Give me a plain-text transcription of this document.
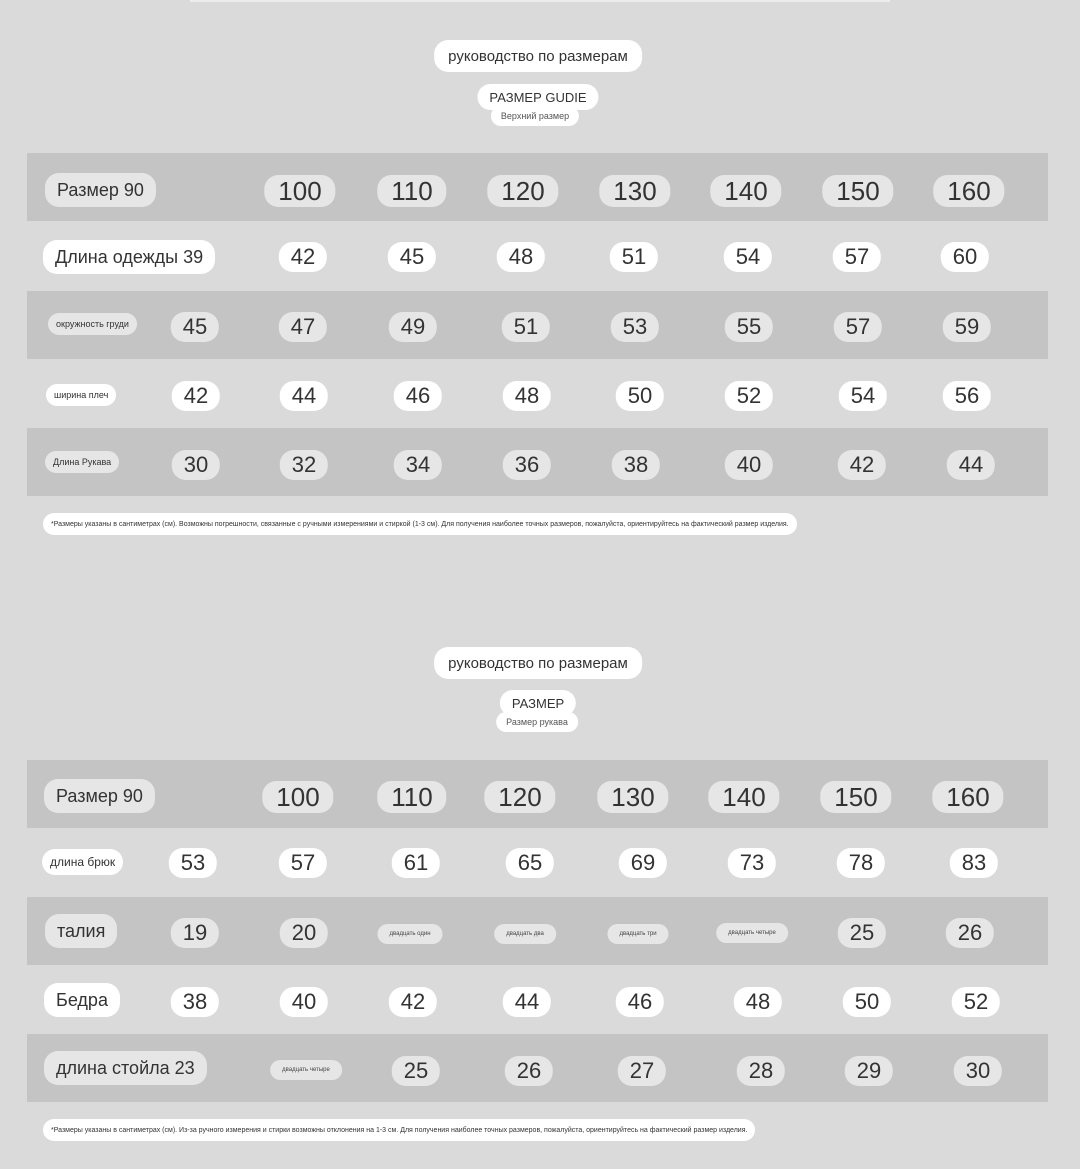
руководство по размерам
РАЗМЕР GUDIE
Верхний размер
Размер 90	100	110	120	130	140	150	160
Длина одежды 39	42	45	48	51	54	57	60
окружность груди	45	47	49	51	53	55	57	59
ширина плеч	42	44	46	48	50	52	54	56
Длина Рукава	30	32	34	36	38	40	42	44
*Размеры указаны в сантиметрах (см). Возможны погрешности, связанные с ручными измерениями и стиркой (1-3 см). Для получения наиболее точных размеров, пожалуйста, ориентируйтесь на фактический размер изделия.
руководство по размерам
РАЗМЕР
Размер рукава
Размер 90	100	110	120	130	140	150	160
длина брюк	53	57	61	65	69	73	78	83
талия	19	20	двадцать один	двадцать два	двадцать три	двадцать четыре	25	26
Бедра	38	40	42	44	46	48	50	52
длина стойла 23	двадцать четыре	25	26	27	28	29	30
*Размеры указаны в сантиметрах (см). Из-за ручного измерения и стирки возможны отклонения на 1-3 см. Для получения наиболее точных размеров, пожалуйста, ориентируйтесь на фактический размер изделия.
